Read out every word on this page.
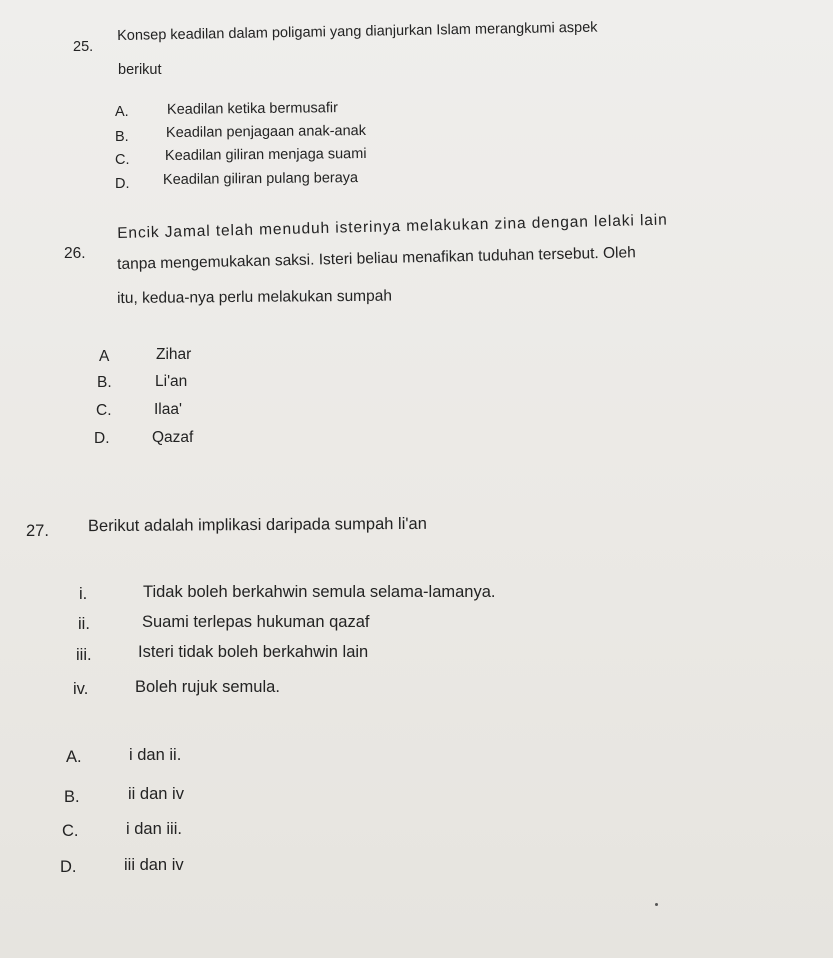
25.
Konsep keadilan dalam poligami yang dianjurkan Islam merangkumi aspek
berikut
A.	Keadilan ketika bermusafir
B.	Keadilan penjagaan anak-anak
C. Keadilan giliran menjaga suami
D. Keadilan giliran pulang beraya
26.
Encik Jamal telah menuduh isterinya melakukan zina dengan lelaki lain
tanpa mengemukakan saksi. Isteri beliau menafikan tuduhan tersebut. Oleh
itu, kedua-nya perlu melakukan sumpah
A	Zihar
B.	Li'an
C.	Ilaa'
D.	Qazaf
27. Berikut adalah implikasi daripada sumpah li'an
i.	Tidak boleh berkahwin semula selama-lamanya.
ii.	Suami terlepas hukuman qazaf
iii.	Isteri tidak boleh berkahwin lain
iv.	Boleh rujuk semula.
A.	i dan ii.
B.	ii dan iv
C.	i dan iii.
D.	iii dan iv
